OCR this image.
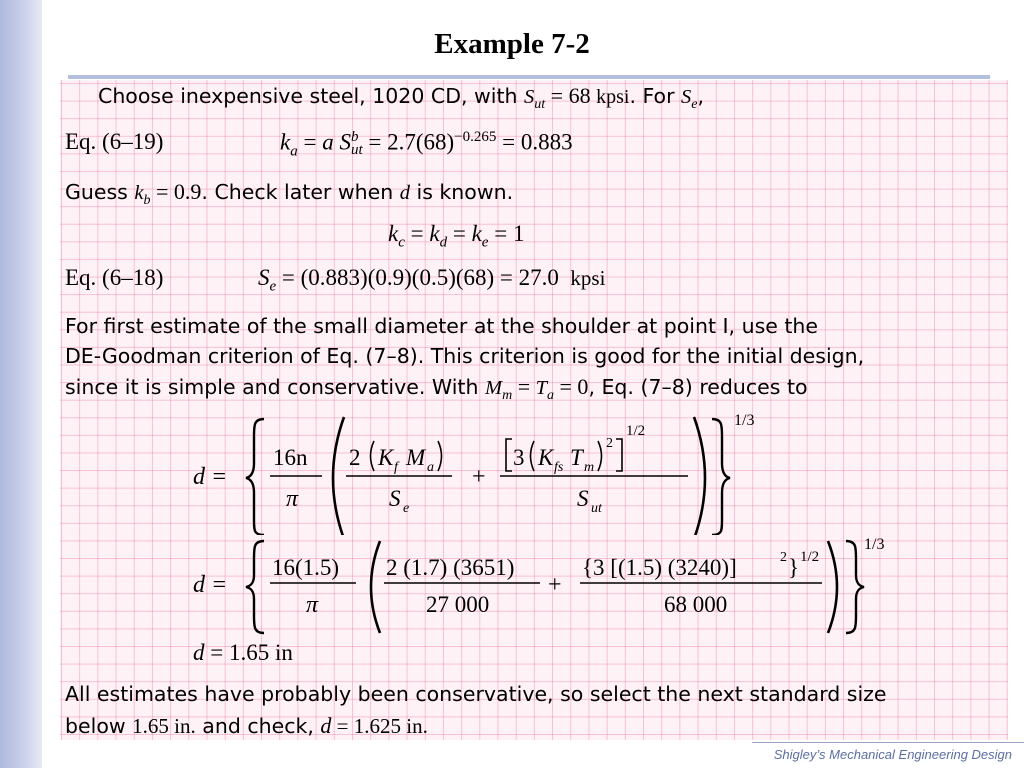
Example 7-2
Choose inexpensive steel, 1020 CD, with $S_{ut} = 68$ kpsi. For $S_e$,
Eq. (6–19)	$k_a = a$ S b
ut = $2.7(68)^{-0.265} = 0.883$
Guess $k_b = 0.9$. Check later when d is known.
$k_c = k_d = k_e = 1$
Eq. (6–18)	$S_e = (0.883)(0.9)(0.5)(68) = 27.0$ kpsi
For first estimate of the small diameter at the shoulder at point I, use the
DE-Goodman criterion of Eq. (7–8). This criterion is good for the initial design,
since it is simple and conservative. With $M_m = T_a = 0$, Eq. (7–8) reduces to
d =
16n
π
2 K f M a
S e
+
3 K fs T m
2
1/2
S ut
1/3
d =
16(1.5)
π
2 (1.7) (3651)
27 000
+
{3 [(1.5) (3240)]	2 } 1/2
68 000
1/3
d = 1.65 in
All estimates have probably been conservative, so select the next standard size
below 1.65 in. and check, d = 1.625 in.
Shigley’s Mechanical Engineering Design
